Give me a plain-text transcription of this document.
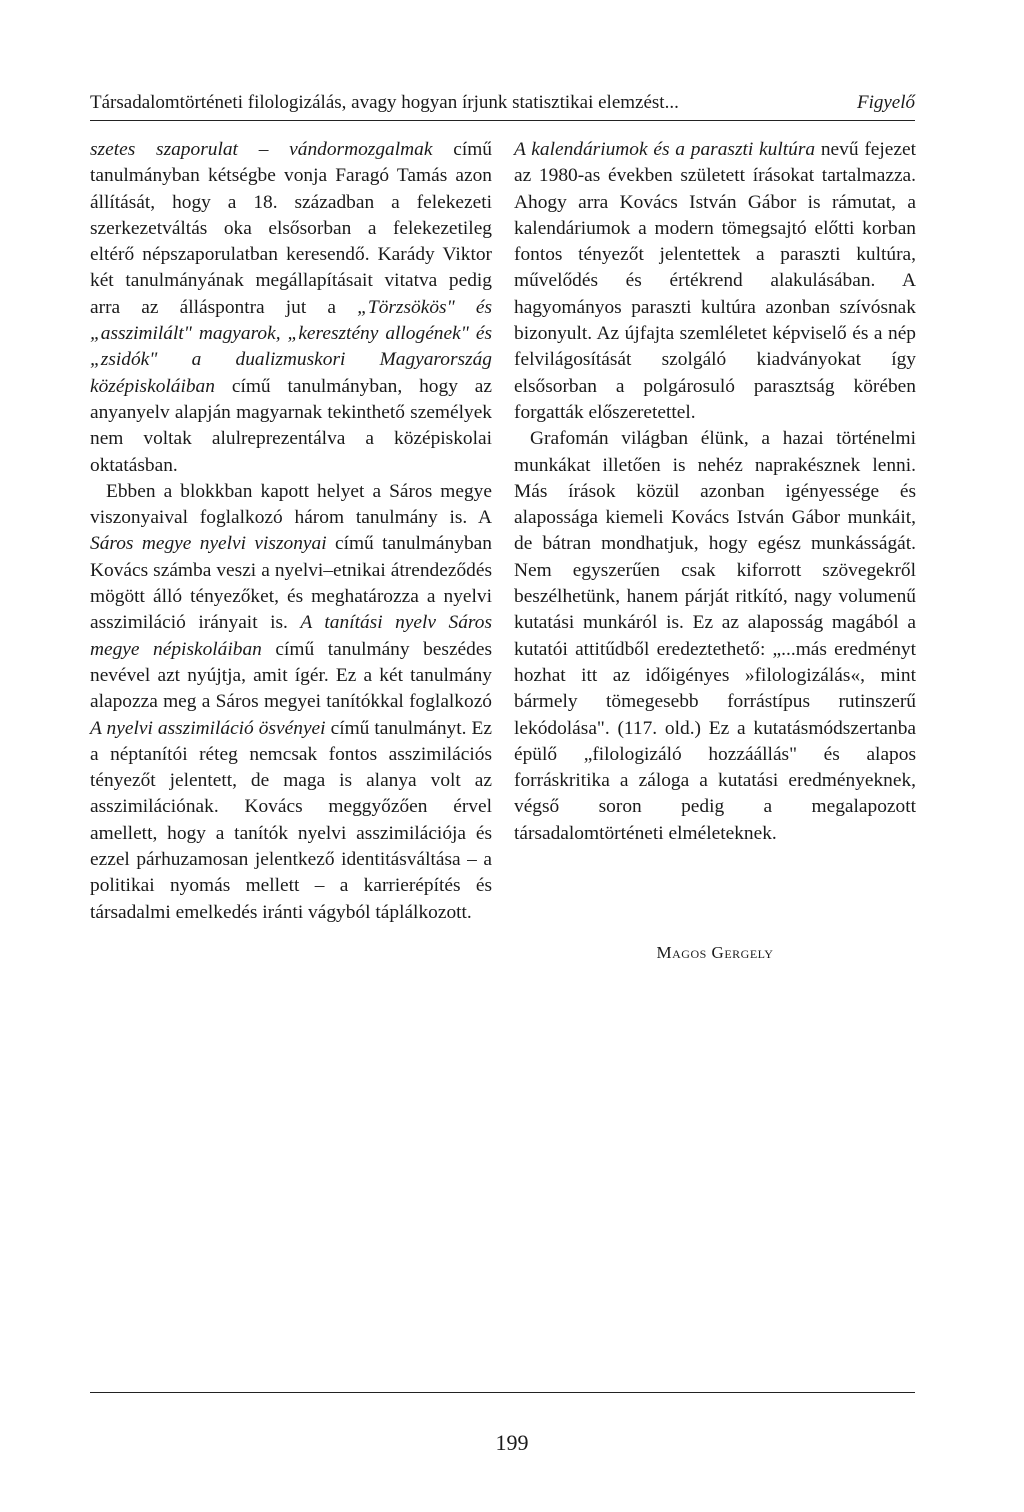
Társadalomtörténeti filologizálás, avagy hogyan írjunk statisztikai elemzést...	Figyelő

szetes szaporulat – vándormozgalmak című tanulmányban kétségbe vonja Faragó Tamás azon állítását, hogy a 18. században a felekezeti szerkezetváltás oka elsősorban a felekezetileg eltérő népszaporulatban keresendő. Karády Viktor két tanulmányának megállapításait vitatva pedig arra az álláspontra jut a „Törzsökös" és „asszimilált" magyarok, „keresztény allogének" és „zsidók" a dualizmuskori Magyarország középiskoláiban című tanulmányban, hogy az anyanyelv alapján magyarnak tekinthető személyek nem voltak alulreprezentálva a középiskolai oktatásban.

Ebben a blokkban kapott helyet a Sáros megye viszonyaival foglalkozó három tanulmány is. A Sáros megye nyelvi viszonyai című tanulmányban Kovács számba veszi a nyelvi–etnikai átrendeződés mögött álló tényezőket, és meghatározza a nyelvi asszimiláció irányait is. A tanítási nyelv Sáros megye népiskoláiban című tanulmány beszédes nevével azt nyújtja, amit ígér. Ez a két tanulmány alapozza meg a Sáros megyei tanítókkal foglalkozó A nyelvi asszimiláció ösvényei című tanulmányt. Ez a néptanítói réteg nemcsak fontos asszimilációs tényezőt jelentett, de maga is alanya volt az asszimilációnak. Kovács meggyőzően érvel amellett, hogy a tanítók nyelvi asszimilációja és ezzel párhuzamosan jelentkező identitásváltása – a politikai nyomás mellett – a karrierépítés és társadalmi emelkedés iránti vágyból táplálkozott.

A kalendáriumok és a paraszti kultúra nevű fejezet az 1980-as években született írásokat tartalmazza. Ahogy arra Kovács István Gábor is rámutat, a kalendáriumok a modern tömegsajtó előtti korban fontos tényezőt jelentettek a paraszti kultúra, művelődés és értékrend alakulásában. A hagyományos paraszti kultúra azonban szívósnak bizonyult. Az újfajta szemléletet képviselő és a nép felvilágosítását szolgáló kiadványokat így elsősorban a polgárosuló parasztság körében forgatták előszeretettel.

Grafomán világban élünk, a hazai történelmi munkákat illetően is nehéz naprakésznek lenni. Más írások közül azonban igényessége és alapossága kiemeli Kovács István Gábor munkáit, de bátran mondhatjuk, hogy egész munkásságát. Nem egyszerűen csak kiforrott szövegekről beszélhetünk, hanem párját ritkító, nagy volumenű kutatási munkáról is. Ez az alaposság magából a kutatói attitűdből eredeztethető: „...más eredményt hozhat itt az időigényes »filologizálás«, mint bármely tömegesebb forrástípus rutinszerű lekódolása". (117. old.) Ez a kutatásmódszertanba épülő „filologizáló hozzáállás" és alapos forráskritika a záloga a kutatási eredményeknek, végső soron pedig a megalapozott társadalomtörténeti elméleteknek.

Magos Gergely
199
